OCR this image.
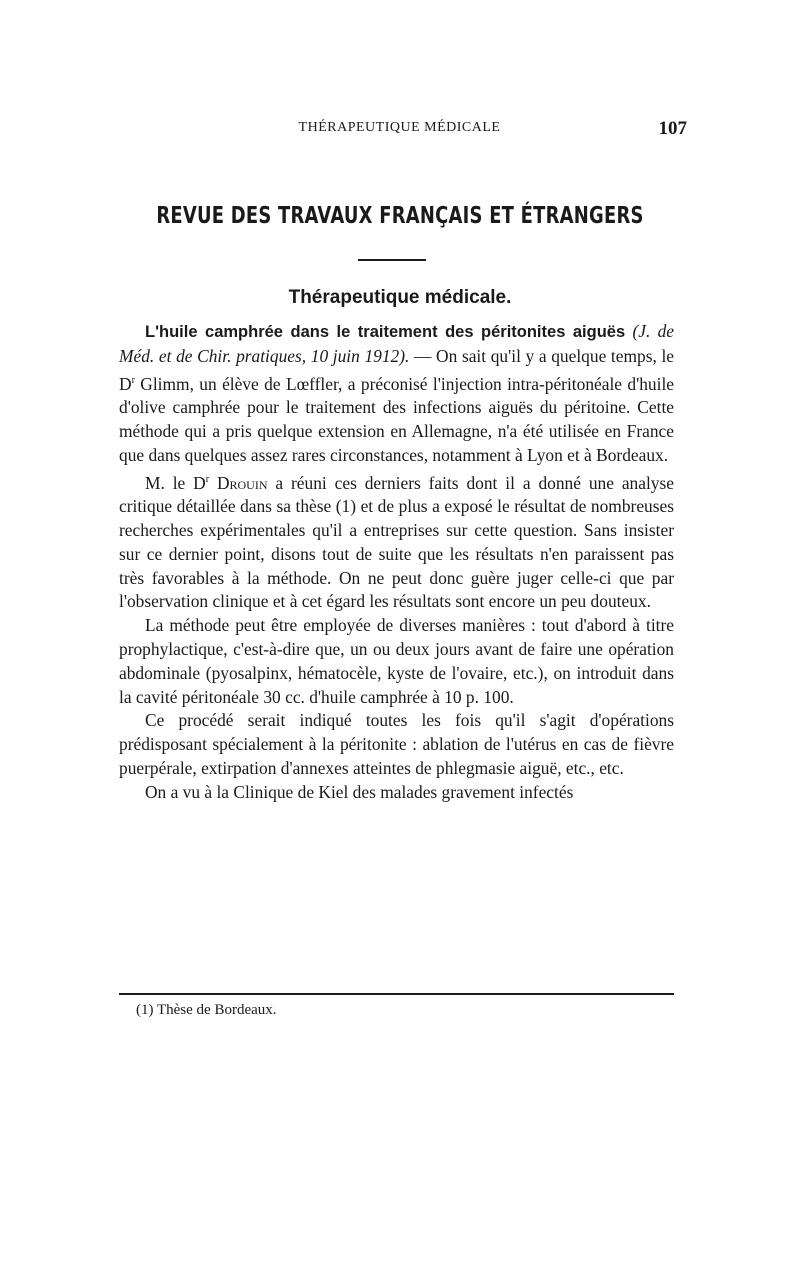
THÉRAPEUTIQUE MÉDICALE	107
REVUE DES TRAVAUX FRANÇAIS ET ÉTRANGERS
Thérapeutique médicale.

L'huile camphrée dans le traitement des péritonites aiguës (J. de Méd. et de Chir. pratiques, 10 juin 1912). — On sait qu'il y a quelque temps, le $D^r$ Glimm, un élève de Lœffler, a préconisé l'injection intra-péritonéale d'huile d'olive camphrée pour le traitement des infections aiguës du péritoine. Cette méthode qui a pris quelque extension en Allemagne, n'a été utilisée en France que dans quelques assez rares circonstances, notamment à Lyon et à Bordeaux.

M. le $D^r$ Drouin a réuni ces derniers faits dont il a donné une analyse critique détaillée dans sa thèse (1) et de plus a exposé le résultat de nombreuses recherches expérimentales qu'il a entreprises sur cette question. Sans insister sur ce dernier point, disons tout de suite que les résultats n'en paraissent pas très favorables à la méthode. On ne peut donc guère juger celle-ci que par l'observation clinique et à cet égard les résultats sont encore un peu douteux.

La méthode peut être employée de diverses manières : tout d'abord à titre prophylactique, c'est-à-dire que, un ou deux jours avant de faire une opération abdominale (pyosalpinx, hématocèle, kyste de l'ovaire, etc.), on introduit dans la cavité péritonéale 30 cc. d'huile camphrée à 10 p. 100.

Ce procédé serait indiqué toutes les fois qu'il s'agit d'opérations prédisposant spécialement à la péritonite : ablation de l'utérus en cas de fièvre puerpérale, extirpation d'annexes atteintes de phlegmasie aiguë, etc., etc.

On a vu à la Clinique de Kiel des malades gravement infectés

(1) Thèse de Bordeaux.
